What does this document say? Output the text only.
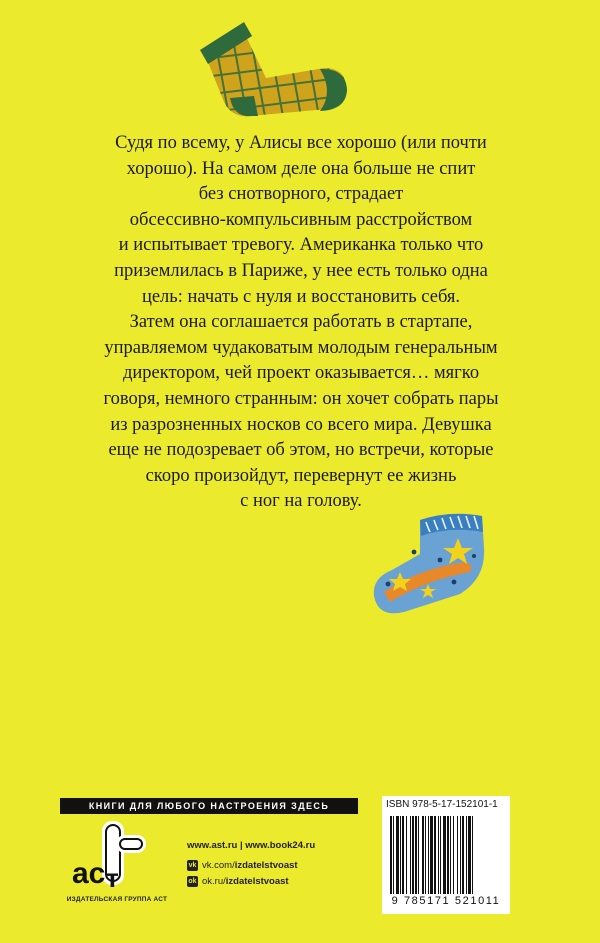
Судя по всему, у Алисы все хорошо (или почти

хорошо). На самом деле она больше не спит

без снотворного, страдает

обсессивно-компульсивным расстройством

и испытывает тревогу. Американка только что

приземлилась в Париже, у нее есть только одна

цель: начать с нуля и восстановить себя.

Затем она соглашается работать в стартапе,

управляемом чудаковатым молодым генеральным

директором, чей проект оказывается… мягко

говоря, немного странным: он хочет собрать пары

из разрозненных носков со всего мира. Девушка

еще не подозревает об этом, но встречи, которые

скоро произойдут, перевернут ее жизнь

с ног на голову.

КНИГИ ДЛЯ ЛЮБОГО НАСТРОЕНИЯ ЗДЕСЬ
ac т
ИЗДАТЕЛЬСКАЯ ГРУППА АСТ
www.ast.ru | www.book24.ru
vk vk.com/ izdatelstvoast
ok ok.ru/ izdatelstvoast
ISBN 978-5-17-152101-1
9 785171 521011
